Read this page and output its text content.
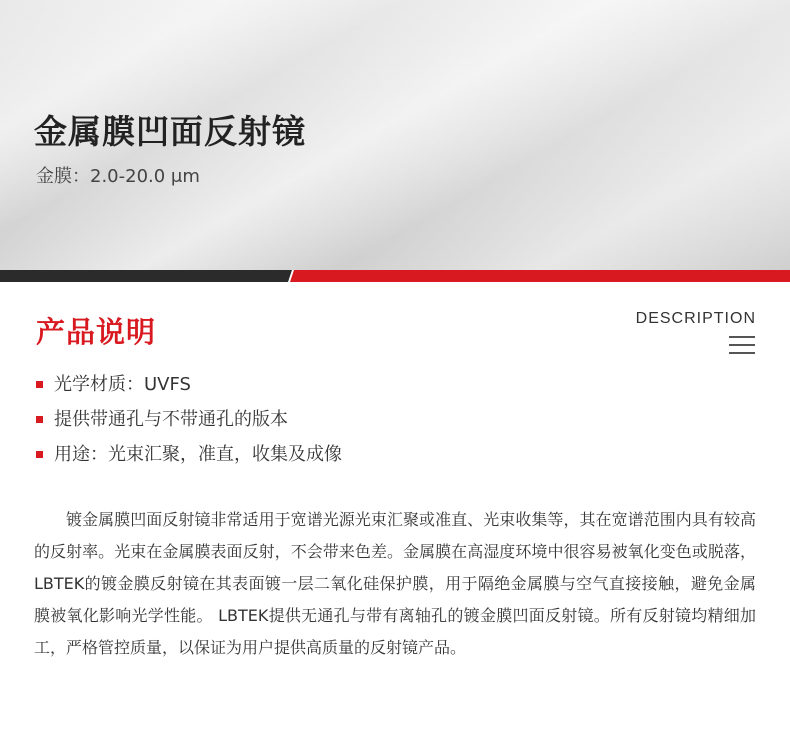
金属膜凹面反射镜
金膜：2.0-20.0 μm
产品说明	DESCRIPTION
光学材质：UVFS
提供带通孔与不带通孔的版本
用途：光束汇聚，准直，收集及成像

镀金属膜凹面反射镜非常适用于宽谱光源光束汇聚或准直、光束收集等，其在宽谱范围内具有较高的反射率。光束在金属膜表面反射，不会带来色差。金属膜在高湿度环境中很容易被氧化变色或脱落，LBTEK的镀金膜反射镜在其表面镀一层二氧化硅保护膜，用于隔绝金属膜与空气直接接触，避免金属膜被氧化影响光学性能。 LBTEK提供无通孔与带有离轴孔的镀金膜凹面反射镜。所有反射镜均精细加工，严格管控质量，以保证为用户提供高质量的反射镜产品。
